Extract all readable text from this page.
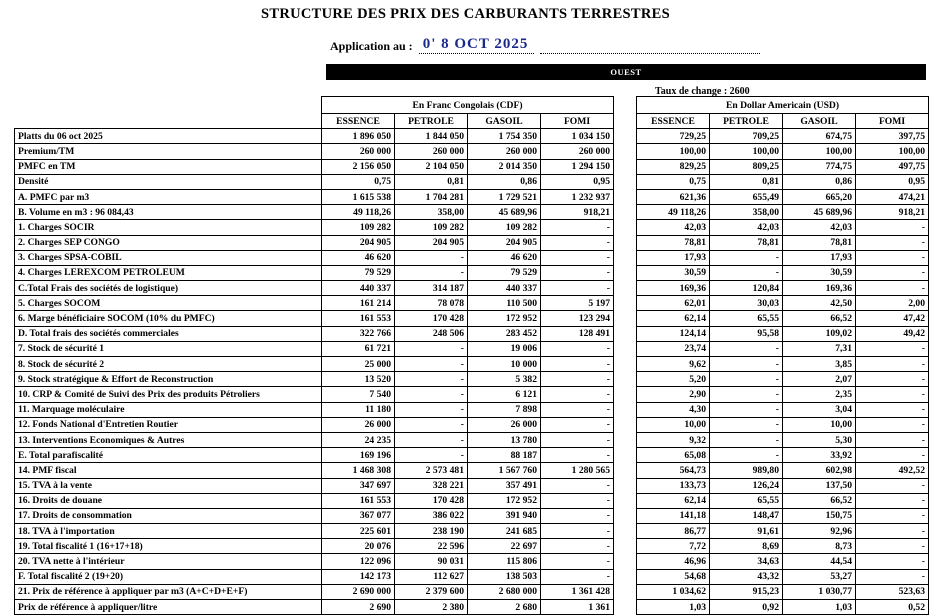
STRUCTURE DES PRIX DES CARBURANTS TERRESTRES
Application au : 0' 8 OCT 2025
OUEST
Taux de change : 2600
	En Franc Congolais (CDF)					En Dollar Americain (USD)			
	ESSENCE	PETROLE	GASOIL	FOMI		ESSENCE	PETROLE	GASOIL	FOMI
Platts du 06 oct 2025	1 896 050	1 844 050	1 754 350	1 034 150		729,25	709,25	674,75	397,75
Premium/TM	260 000	260 000	260 000	260 000		100,00	100,00	100,00	100,00
PMFC en TM	2 156 050	2 104 050	2 014 350	1 294 150		829,25	809,25	774,75	497,75
Densité	0,75	0,81	0,86	0,95		0,75	0,81	0,86	0,95
A. PMFC par m3	1 615 538	1 704 281	1 729 521	1 232 937		621,36	655,49	665,20	474,21
B. Volume en m3 : 96 084,43	49 118,26	358,00	45 689,96	918,21		49 118,26	358,00	45 689,96	918,21
1. Charges SOCIR	109 282	109 282	109 282	-		42,03	42,03	42,03	-
2. Charges SEP CONGO	204 905	204 905	204 905	-		78,81	78,81	78,81	-
3. Charges SPSA-COBIL	46 620	-	46 620	-		17,93	-	17,93	-
4. Charges LEREXCOM PETROLEUM	79 529	-	79 529	-		30,59	-	30,59	-
C.Total Frais des sociétés de logistique)	440 337	314 187	440 337	-		169,36	120,84	169,36	-
5. Charges SOCOM	161 214	78 078	110 500	5 197		62,01	30,03	42,50	2,00
6. Marge bénéficiaire SOCOM (10% du PMFC)	161 553	170 428	172 952	123 294		62,14	65,55	66,52	47,42
D. Total frais des sociétés commerciales	322 766	248 506	283 452	128 491		124,14	95,58	109,02	49,42
7. Stock de sécurité 1	61 721	-	19 006	-		23,74	-	7,31	-
8. Stock de sécurité 2	25 000	-	10 000	-		9,62	-	3,85	-
9. Stock stratégique & Effort de Reconstruction	13 520	-	5 382	-		5,20	-	2,07	-
10. CRP & Comité de Suivi des Prix des produits Pétroliers	7 540	-	6 121	-		2,90	-	2,35	-
11. Marquage moléculaire	11 180	-	7 898	-		4,30	-	3,04	-
12. Fonds National d'Entretien Routier	26 000	-	26 000	-		10,00	-	10,00	-
13. Interventions Economiques & Autres	24 235	-	13 780	-		9,32	-	5,30	-
E. Total parafiscalité	169 196	-	88 187	-		65,08	-	33,92	-
14. PMF fiscal	1 468 308	2 573 481	1 567 760	1 280 565		564,73	989,80	602,98	492,52
15. TVA à la vente	347 697	328 221	357 491	-		133,73	126,24	137,50	-
16. Droits de douane	161 553	170 428	172 952	-		62,14	65,55	66,52	-
17. Droits de consommation	367 077	386 022	391 940	-		141,18	148,47	150,75	-
18. TVA à l'importation	225 601	238 190	241 685	-		86,77	91,61	92,96	-
19. Total fiscalité 1 (16+17+18)	20 076	22 596	22 697	-		7,72	8,69	8,73	-
20. TVA nette à l'intérieur	122 096	90 031	115 806	-		46,96	34,63	44,54	-
F. Total fiscalité 2 (19+20)	142 173	112 627	138 503	-		54,68	43,32	53,27	-
21. Prix de référence à appliquer par m3 (A+C+D+E+F)	2 690 000	2 379 600	2 680 000	1 361 428		1 034,62	915,23	1 030,77	523,63
Prix de référence à appliquer/litre	2 690	2 380	2 680	1 361		1,03	0,92	1,03	0,52
